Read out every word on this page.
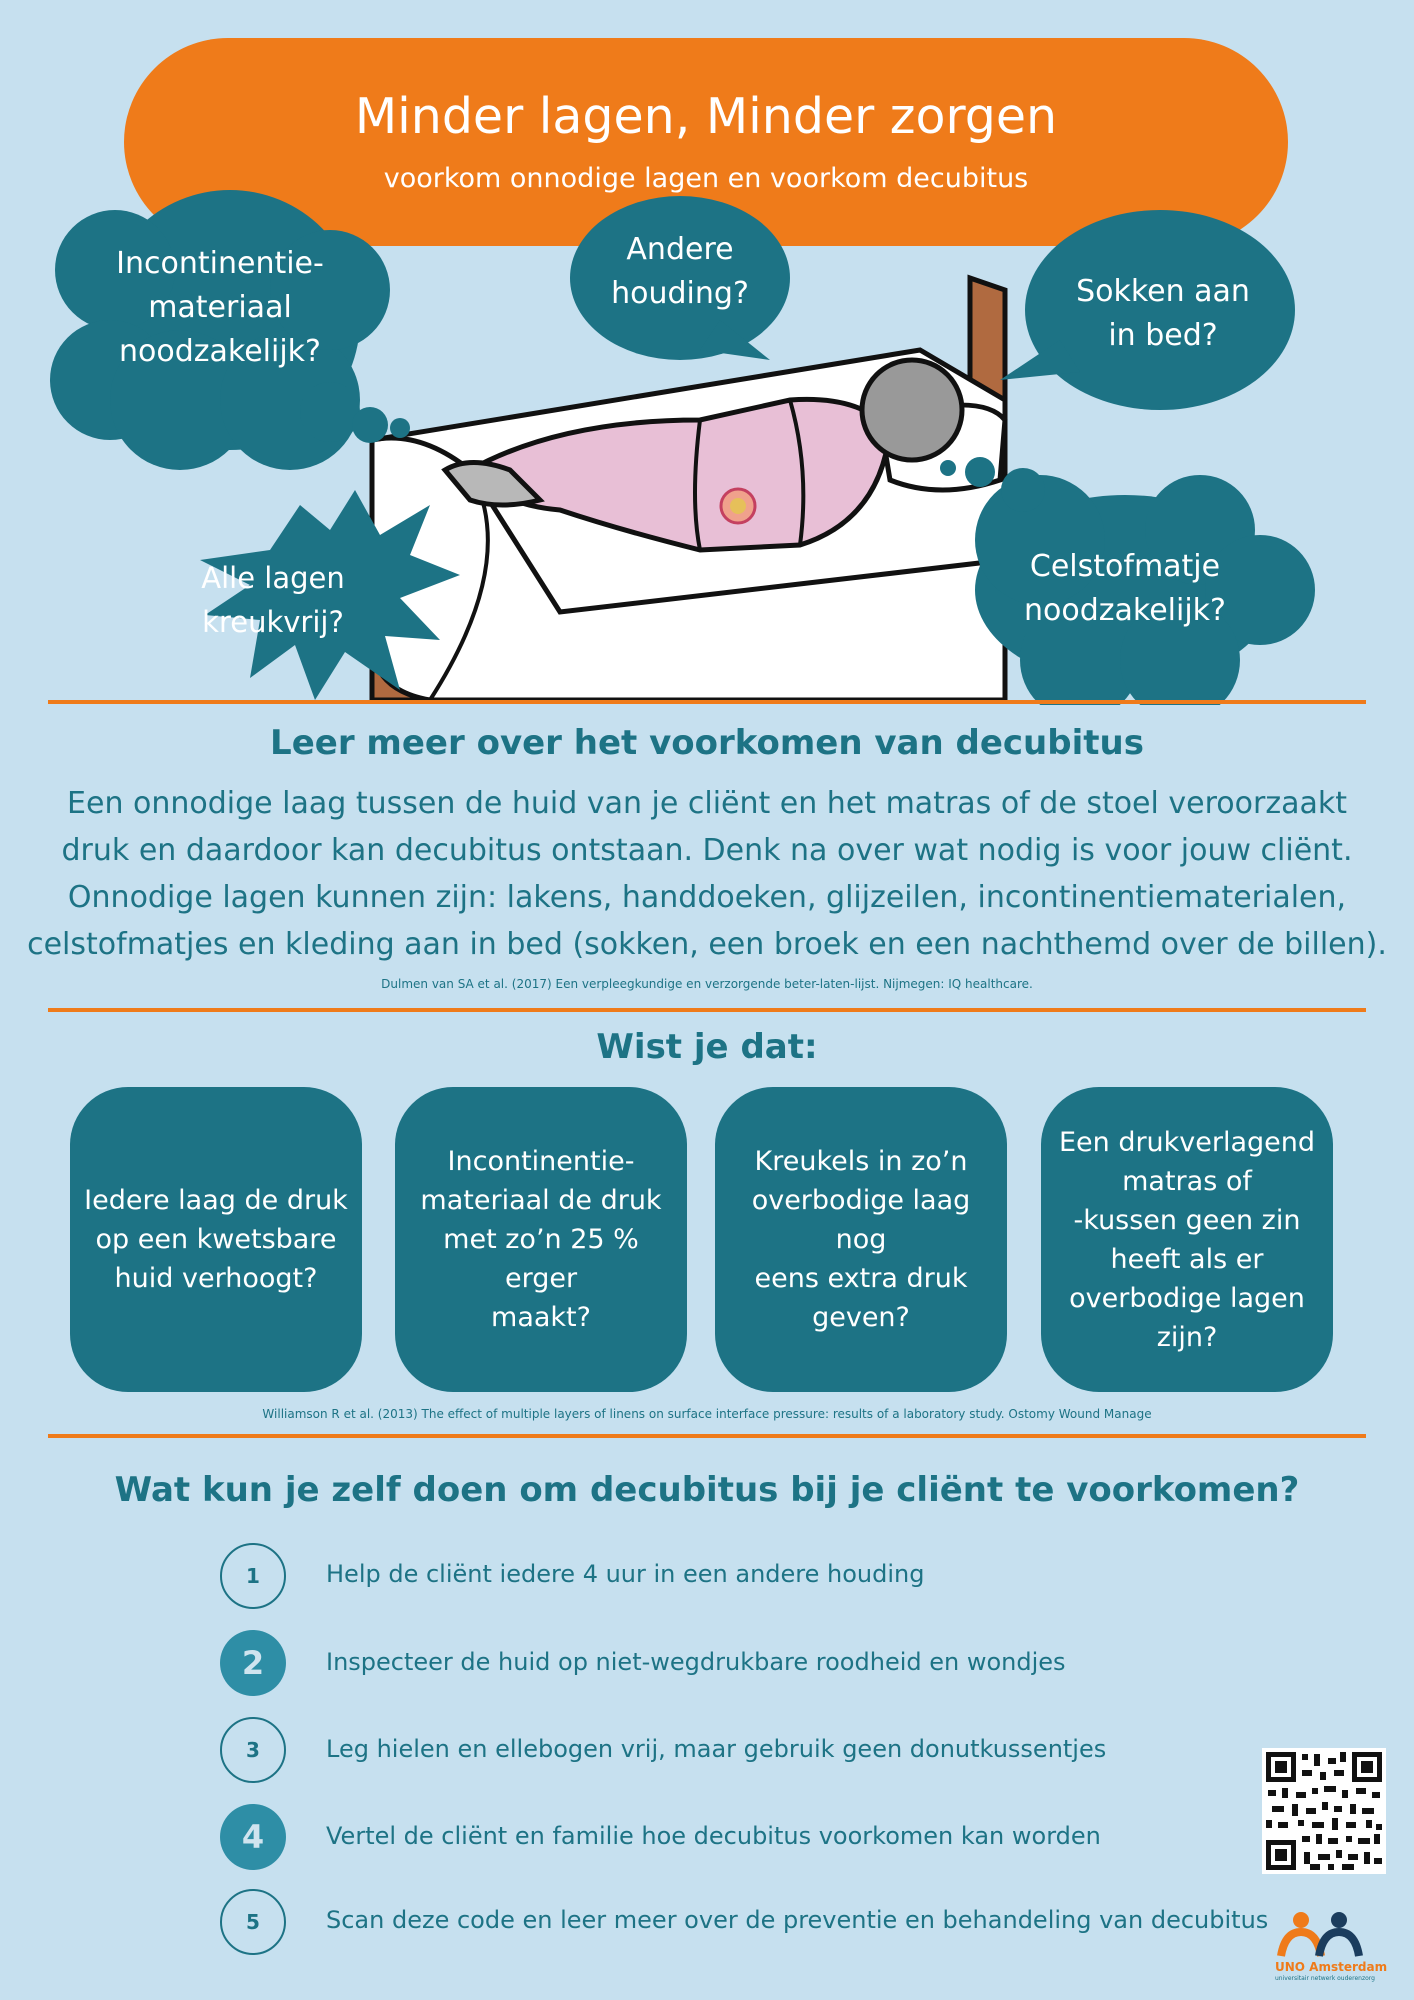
Minder lagen, Minder zorgen
voorkom onnodige lagen en voorkom decubitus
Incontinentie-
materiaal
noodzakelijk?
Andere
houding?	Sokken aan
in bed?
Celstofmatje
noodzakelijk?
Alle lagen
kreukvrij?
Leer meer over het voorkomen van decubitus
Een onnodige laag tussen de huid van je cliënt en het matras of de stoel veroorzaakt
druk en daardoor kan decubitus ontstaan. Denk na over wat nodig is voor jouw cliënt.
Onnodige lagen kunnen zijn: lakens, handdoeken, glijzeilen, incontinentiematerialen,
celstofmatjes en kleding aan in bed (sokken, een broek en een nachthemd over de billen).
Dulmen van SA et al. (2017) Een verpleegkundige en verzorgende beter-laten-lijst. Nijmegen: IQ healthcare.
Wist je dat:
Iedere laag de druk
op een kwetsbare
huid verhoogt?
Incontinentie-
materiaal de druk
met zo’n 25 % erger
maakt?
Kreukels in zo’n
overbodige laag nog
eens extra druk
geven?
Een drukverlagend
matras of
-kussen geen zin
heeft als er
overbodige lagen
zijn?
Williamson R et al. (2013) The effect of multiple layers of linens on surface interface pressure: results of a laboratory study. Ostomy Wound Manage
Wat kun je zelf doen om decubitus bij je cliënt te voorkomen?
1	Help de cliënt iedere 4 uur in een andere houding
2	Inspecteer de huid op niet-wegdrukbare roodheid en wondjes
3	Leg hielen en ellebogen vrij, maar gebruik geen donutkussentjes
4	Vertel de cliënt en familie hoe decubitus voorkomen kan worden
5	Scan deze code en leer meer over de preventie en behandeling van decubitus
UNO Amsterdam
universitair netwerk ouderenzorg
